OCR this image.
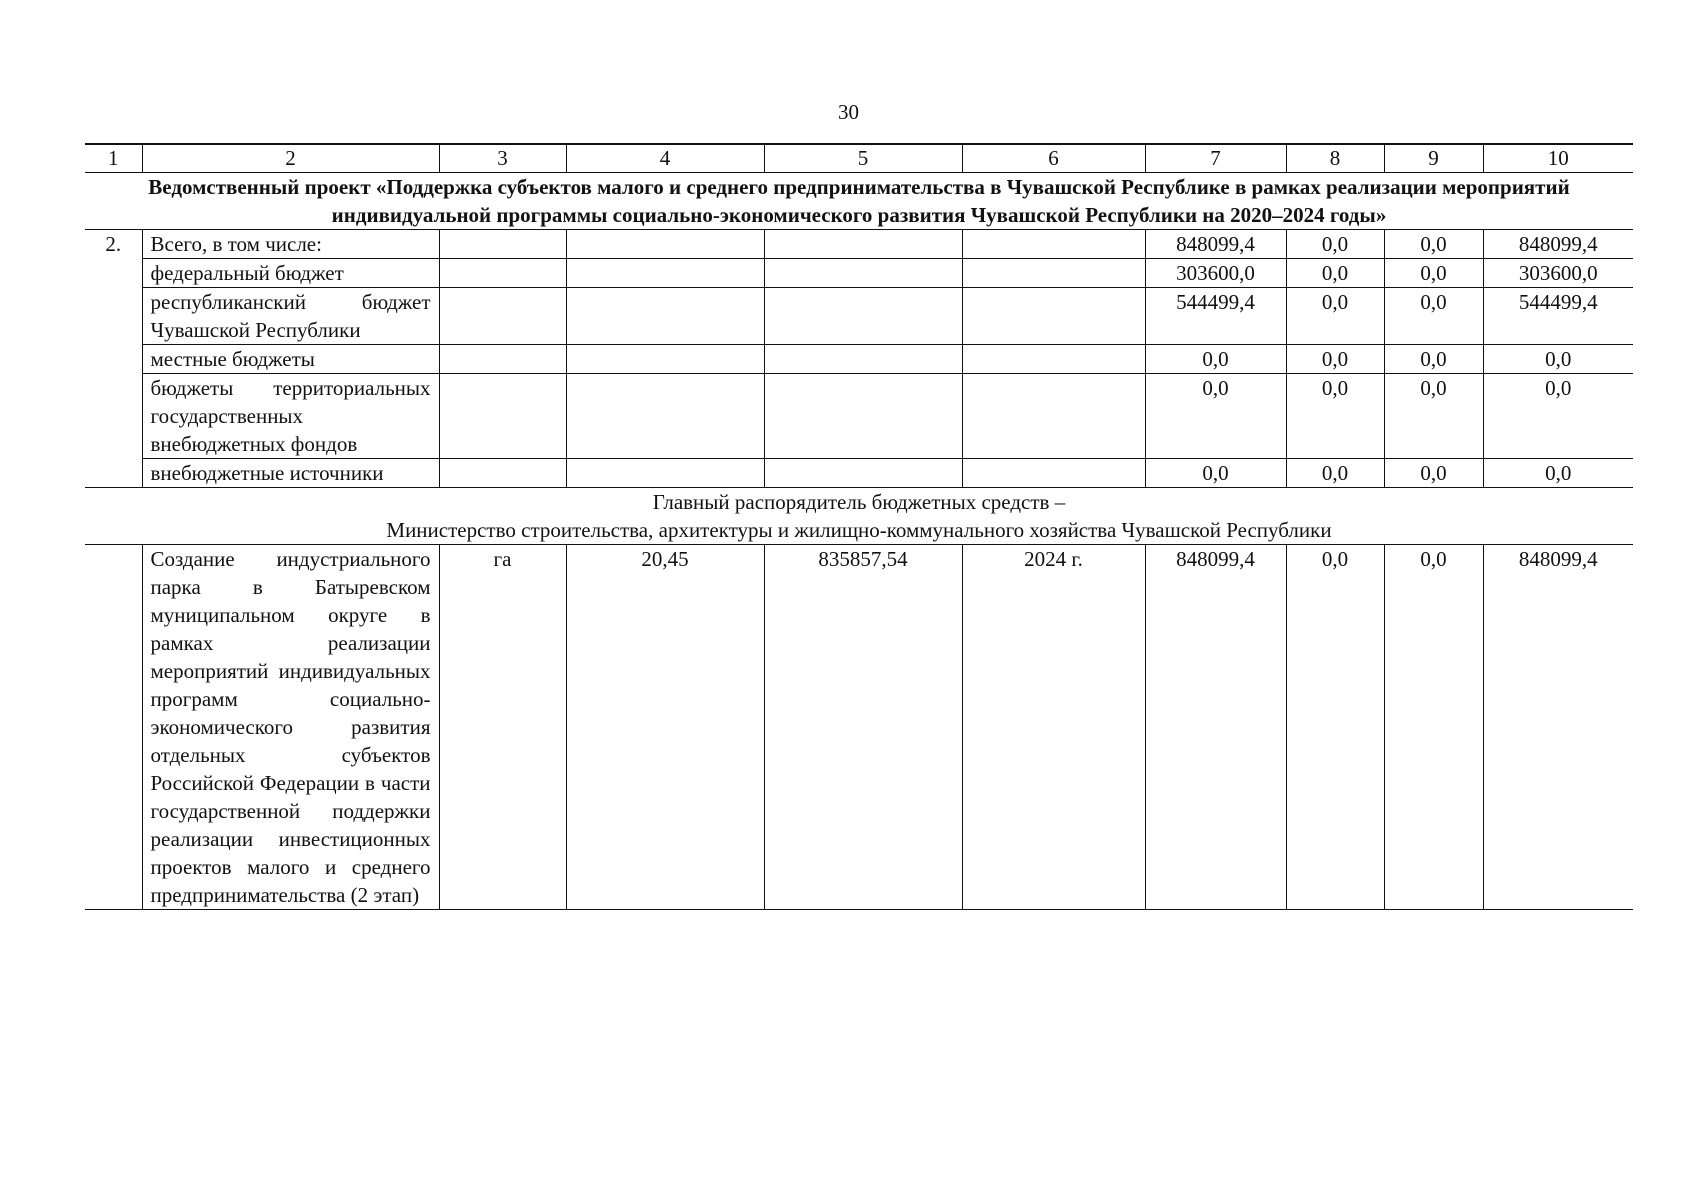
30
1	2	3	4	5	6	7	8	9	10
Ведомственный проект «Поддержка субъектов малого и среднего предпринимательства в Чувашской Республике в рамках реализации мероприятий индивидуальной программы социально-экономического развития Чувашской Республики на 2020–2024 годы»									
2.	Всего, в том числе:					848099,4	0,0	0,0	848099,4
	федеральный бюджет					303600,0	0,0	0,0	303600,0
	республиканский бюджет Чувашской Республики					544499,4	0,0	0,0	544499,4
	местные бюджеты					0,0	0,0	0,0	0,0
	бюджеты территориальных государственных внебюджетных фондов					0,0	0,0	0,0	0,0
	внебюджетные источники					0,0	0,0	0,0	0,0

Главный распорядитель бюджетных средств –
Министерство строительства, архитектуры и жилищно-коммунального хозяйства Чувашской Республики									

	Создание индустриального парка в Батыревском муниципальном округе в рамках реализации мероприятий индивидуальных программ социально-экономического развития отдельных субъектов Российской Федерации в части государственной поддержки реализации инвестиционных проектов малого и среднего предпринимательства (2 этап)	га	20,45	835857,54	2024 г.	848099,4	0,0	0,0	848099,4
